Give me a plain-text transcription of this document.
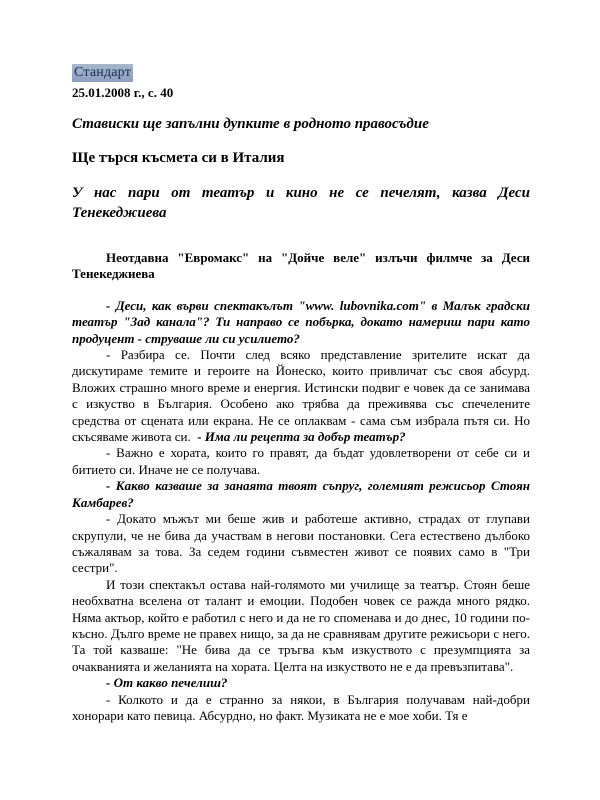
Стандарт
25.01.2008 г., с. 40
Стависки ще запълни дупките в родното правосъдие
Ще търся късмета си в Италия
У нас пари от театър и кино не се печелят, казва Деси Тенекеджиева

Неотдавна "Евромакс" на "Дойче веле" излъчи филмче за Деси Тенекеджиева

- Деси, как върви спектакълът "www. lubovnika.com" в Малък градски театър "Зад канала"? Ти направо се побърка, докато намериш пари като продуцент - струваше ли си усилието?

- Разбира се. Почти след всяко представление зрителите искат да дискутираме темите и героите на Йонеско, които привличат със своя абсурд. Вложих страшно много време и енергия. Истински подвиг е човек да се занимава с изкуство в България. Особено ако трябва да преживява със спечелените средства от сцената или екрана. Не се оплаквам - сама съм избрала пътя си. Но скъсяваме живота си. - Има ли рецепта за добър театър?

- Важно е хората, които го правят, да бъдат удовлетворени от себе си и битието си. Иначе не се получава.

- Какво казваше за занаята твоят съпруг, големият режисьор Стоян Камбарев?

- Докато мъжът ми беше жив и работеше активно, страдах от глупави скрупули, че не бива да участвам в негови постановки. Сега естествено дълбоко съжалявам за това. За седем години съвместен живот се появих само в "Три сестри".

И този спектакъл остава най-голямото ми училище за театър. Стоян беше необхватна вселена от талант и емоции. Подобен човек се ражда много рядко. Няма актьор, който е работил с него и да не го споменава и до днес, 10 години по-късно. Дълго време не правех нищо, за да не сравнявам другите режисьори с него. Та той казваше: "Не бива да се тръгва към изкуството с презумпцията за очакванията и желанията на хората. Целта на изкуството не е да превъзпитава".

- От какво печелиш?

- Колкото и да е странно за някои, в България получавам най-добри хонорари като певица. Абсурдно, но факт. Музиката не е мое хоби. Тя е
